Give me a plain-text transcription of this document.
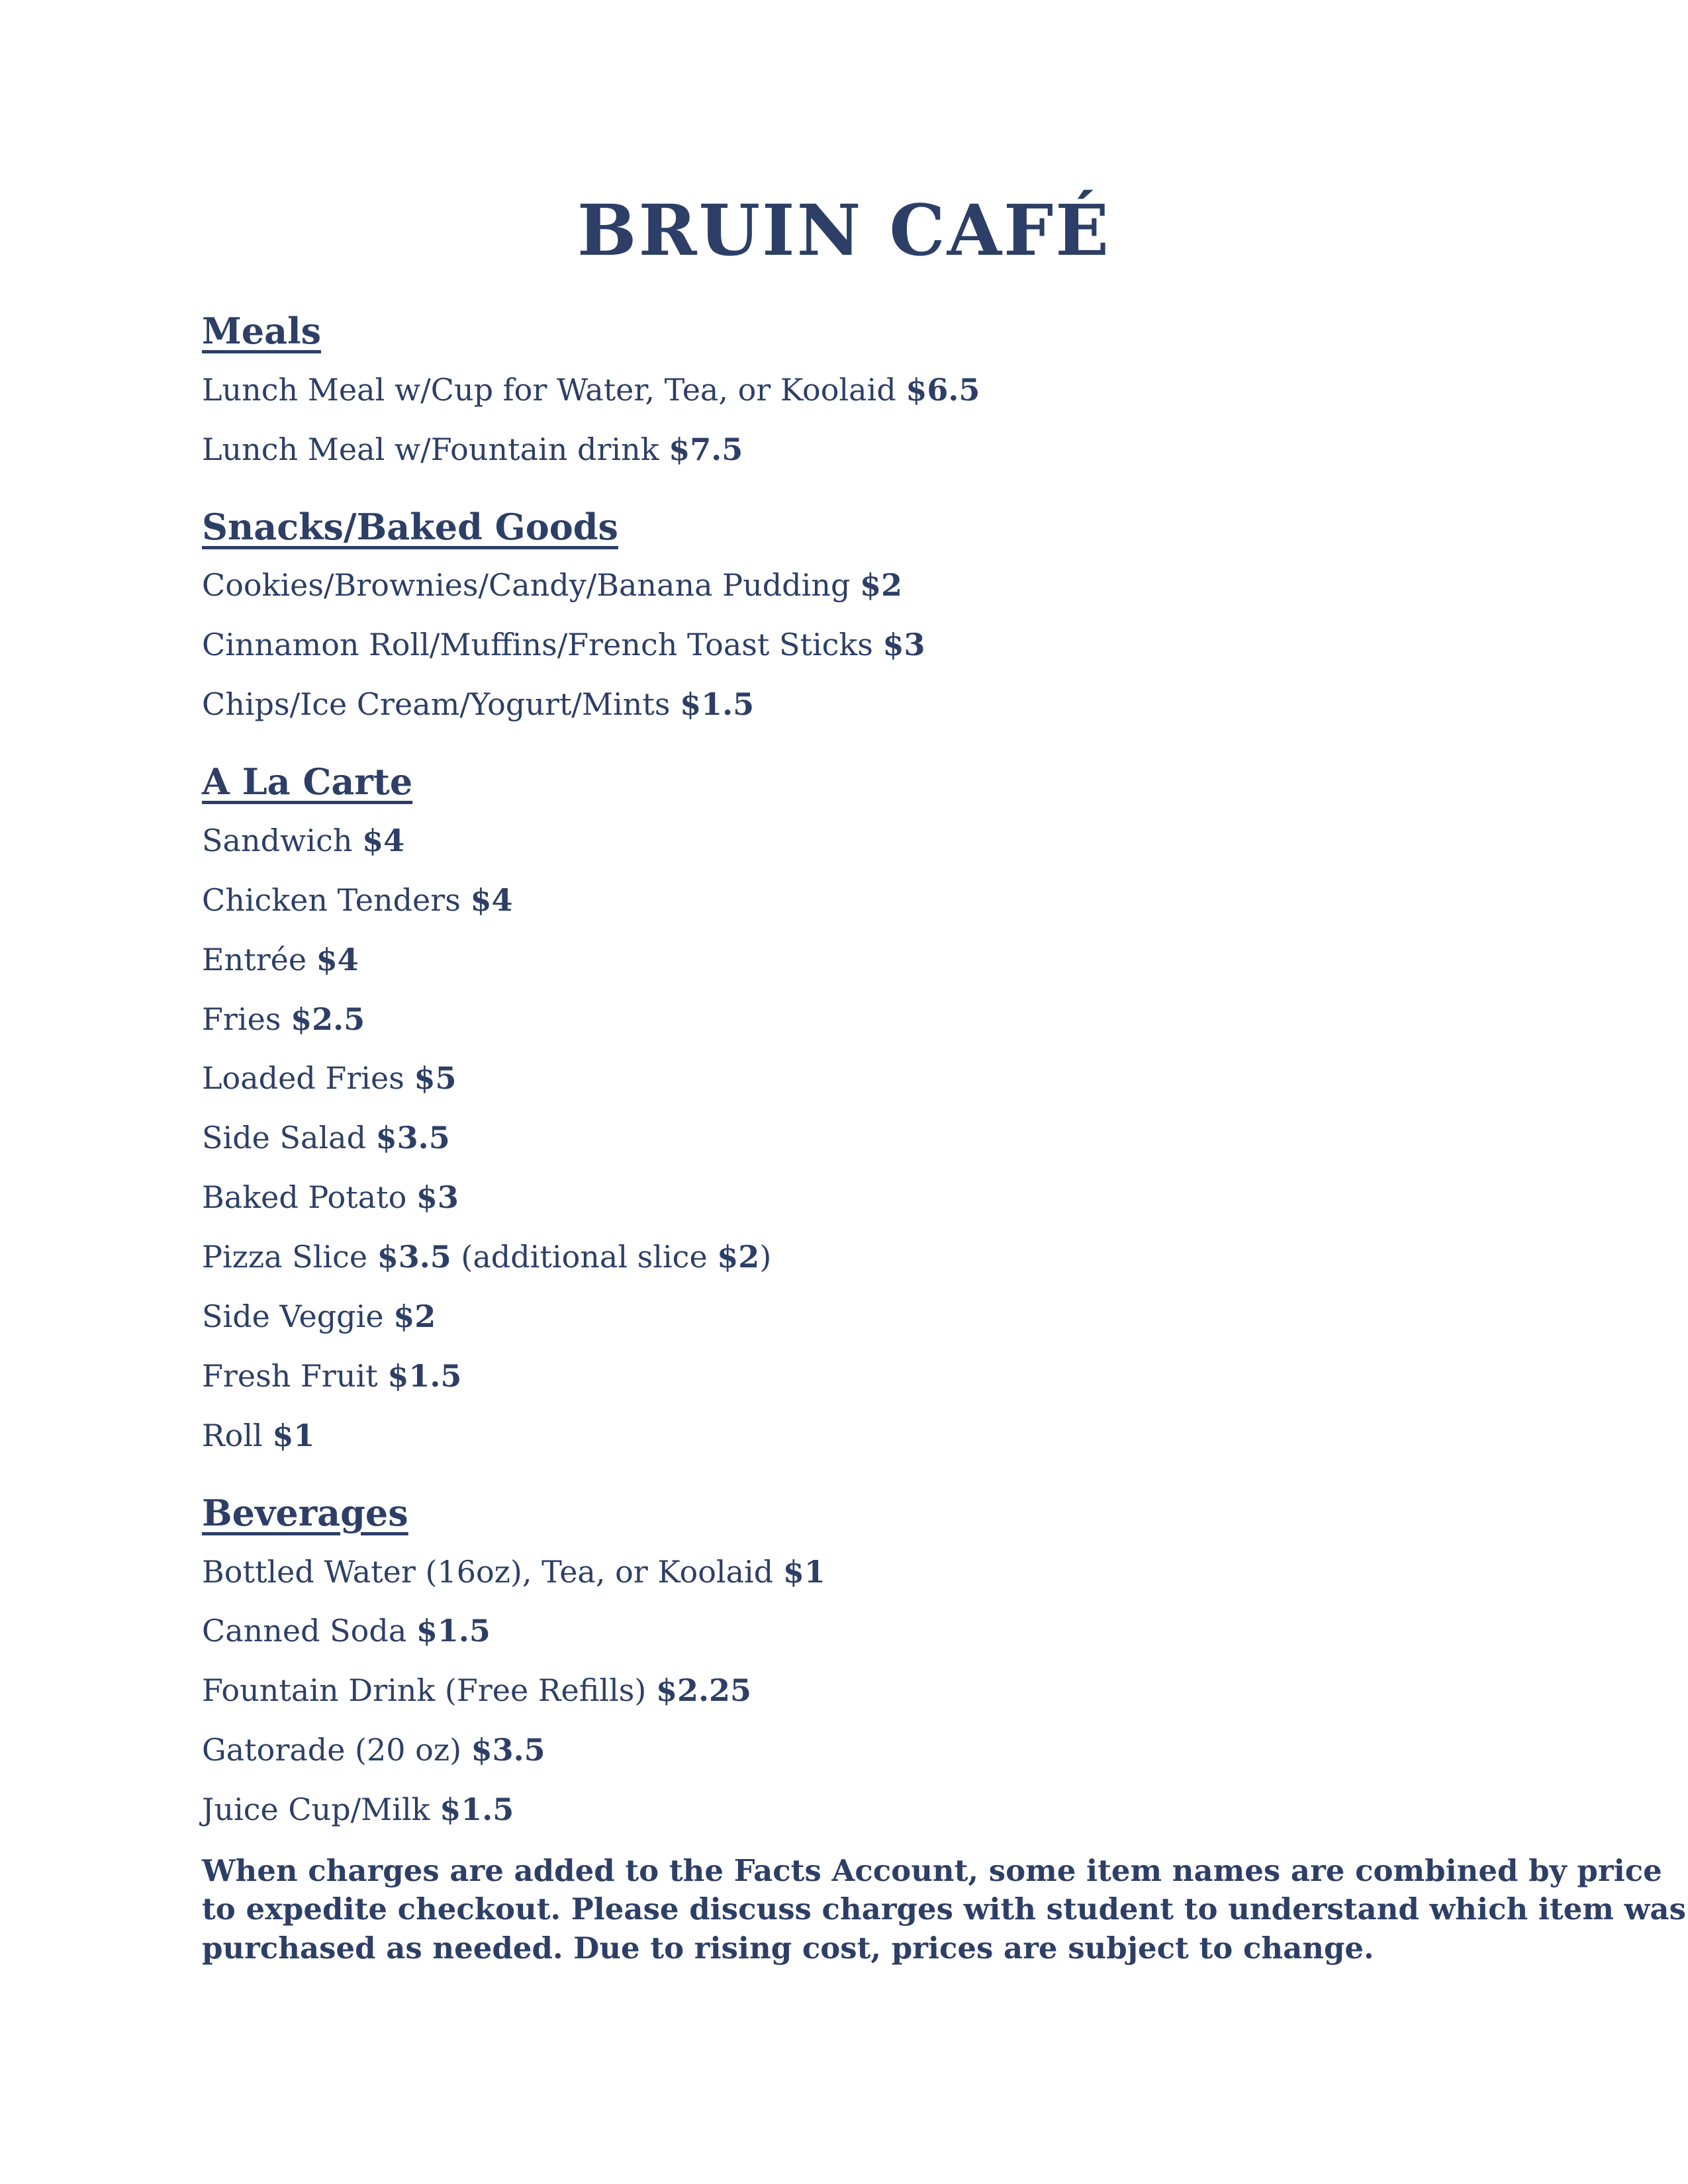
BRUIN CAFÉ
Meals

Lunch Meal w/Cup for Water, Tea, or Koolaid $6.5

Lunch Meal w/Fountain drink $7.5

Snacks/Baked Goods

Cookies/Brownies/Candy/Banana Pudding $2

Cinnamon Roll/Muffins/French Toast Sticks $3

Chips/Ice Cream/Yogurt/Mints $1.5

A La Carte

Sandwich $4

Chicken Tenders $4

Entrée $4

Fries $2.5

Loaded Fries $5

Side Salad $3.5

Baked Potato $3

Pizza Slice $3.5 (additional slice $2)

Side Veggie $2

Fresh Fruit $1.5

Roll $1

Beverages

Bottled Water (16oz), Tea, or Koolaid $1

Canned Soda $1.5

Fountain Drink (Free Refills) $2.25

Gatorade (20 oz) $3.5

Juice Cup/Milk $1.5

When charges are added to the Facts Account, some item names are combined by price
to expedite checkout. Please discuss charges with student to understand which item was
purchased as needed. Due to rising cost, prices are subject to change.
